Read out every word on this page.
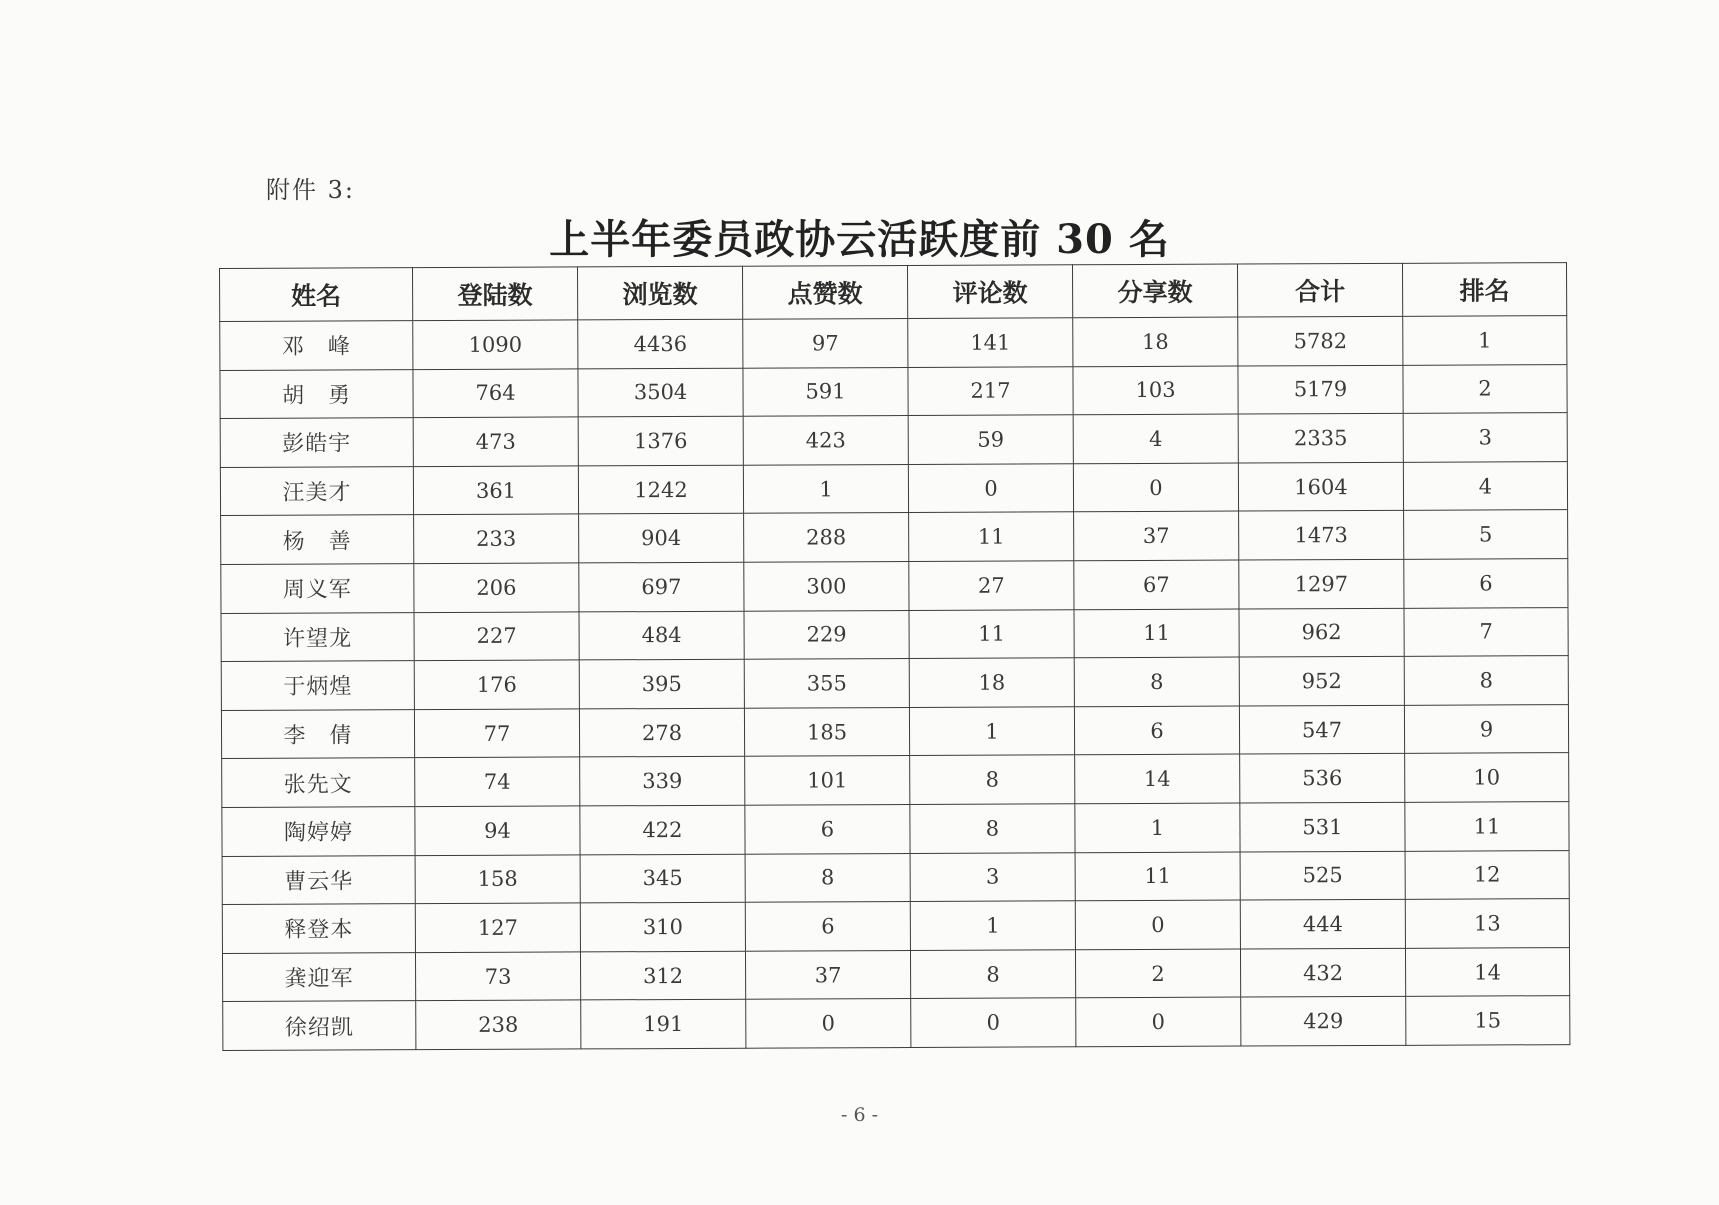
附件 3:
上半年委员政协云活跃度前 30 名
姓名	登陆数	浏览数	点赞数	评论数	分享数	合计	排名
邓　峰	1090	4436	97	141	18	5782	1
胡　勇	764	3504	591	217	103	5179	2
彭皓宇	473	1376	423	59	4	2335	3
汪美才	361	1242	1	0	0	1604	4
杨　善	233	904	288	11	37	1473	5
周义军	206	697	300	27	67	1297	6
许望龙	227	484	229	11	11	962	7
于炳煌	176	395	355	18	8	952	8
李　倩	77	278	185	1	6	547	9
张先文	74	339	101	8	14	536	10
陶婷婷	94	422	6	8	1	531	11
曹云华	158	345	8	3	11	525	12
释登本	127	310	6	1	0	444	13
龚迎军	73	312	37	8	2	432	14
徐绍凯	238	191	0	0	0	429	15
- 6 -
